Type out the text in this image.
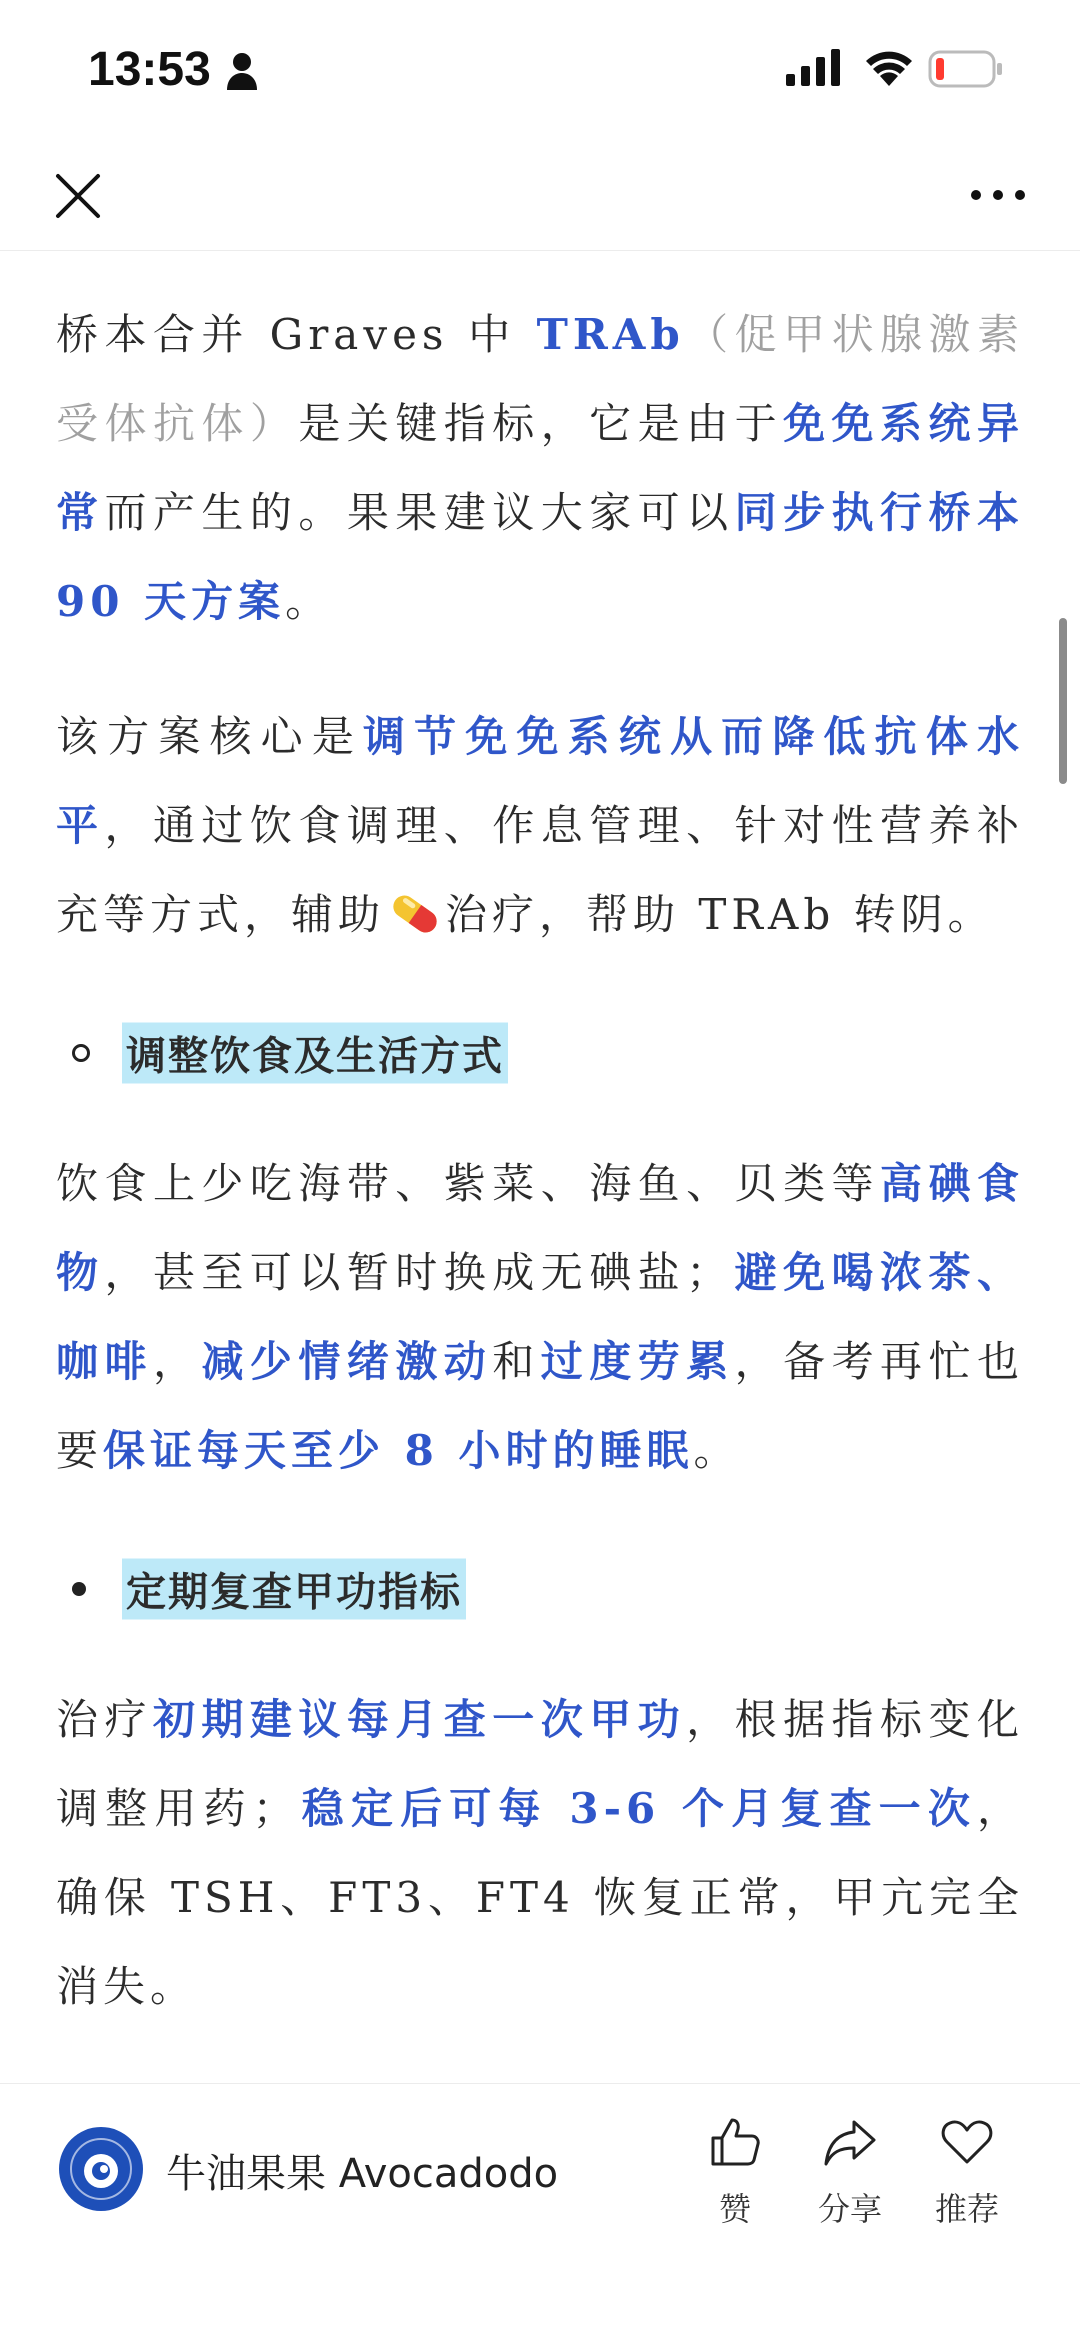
13:53

桥本合并 Graves 中 TRAb（促甲状腺激素受体抗体）是关键指标，它是由于免免系统异常而产生的。果果建议大家可以同步执行桥本 90 天方案。

该方案核心是调节免免系统从而降低抗体水平，通过饮食调理、作息管理、针对性营养补充等方式，辅助 治疗，帮助 TRAb 转阴。

调整饮食及生活方式

饮食上少吃海带、紫菜、海鱼、贝类等高碘食物，甚至可以暂时换成无碘盐；避免喝浓茶、咖啡，减少情绪激动和过度劳累，备考再忙也要保证每天至少 8 小时的睡眠。

定期复查甲功指标

治疗初期建议每月查一次甲功，根据指标变化调整用药；稳定后可每 3-6 个月复查一次，确保 TSH、FT3、FT4 恢复正常，甲亢完全消失。

牛油果果 Avocadodo
赞	分享	推荐
